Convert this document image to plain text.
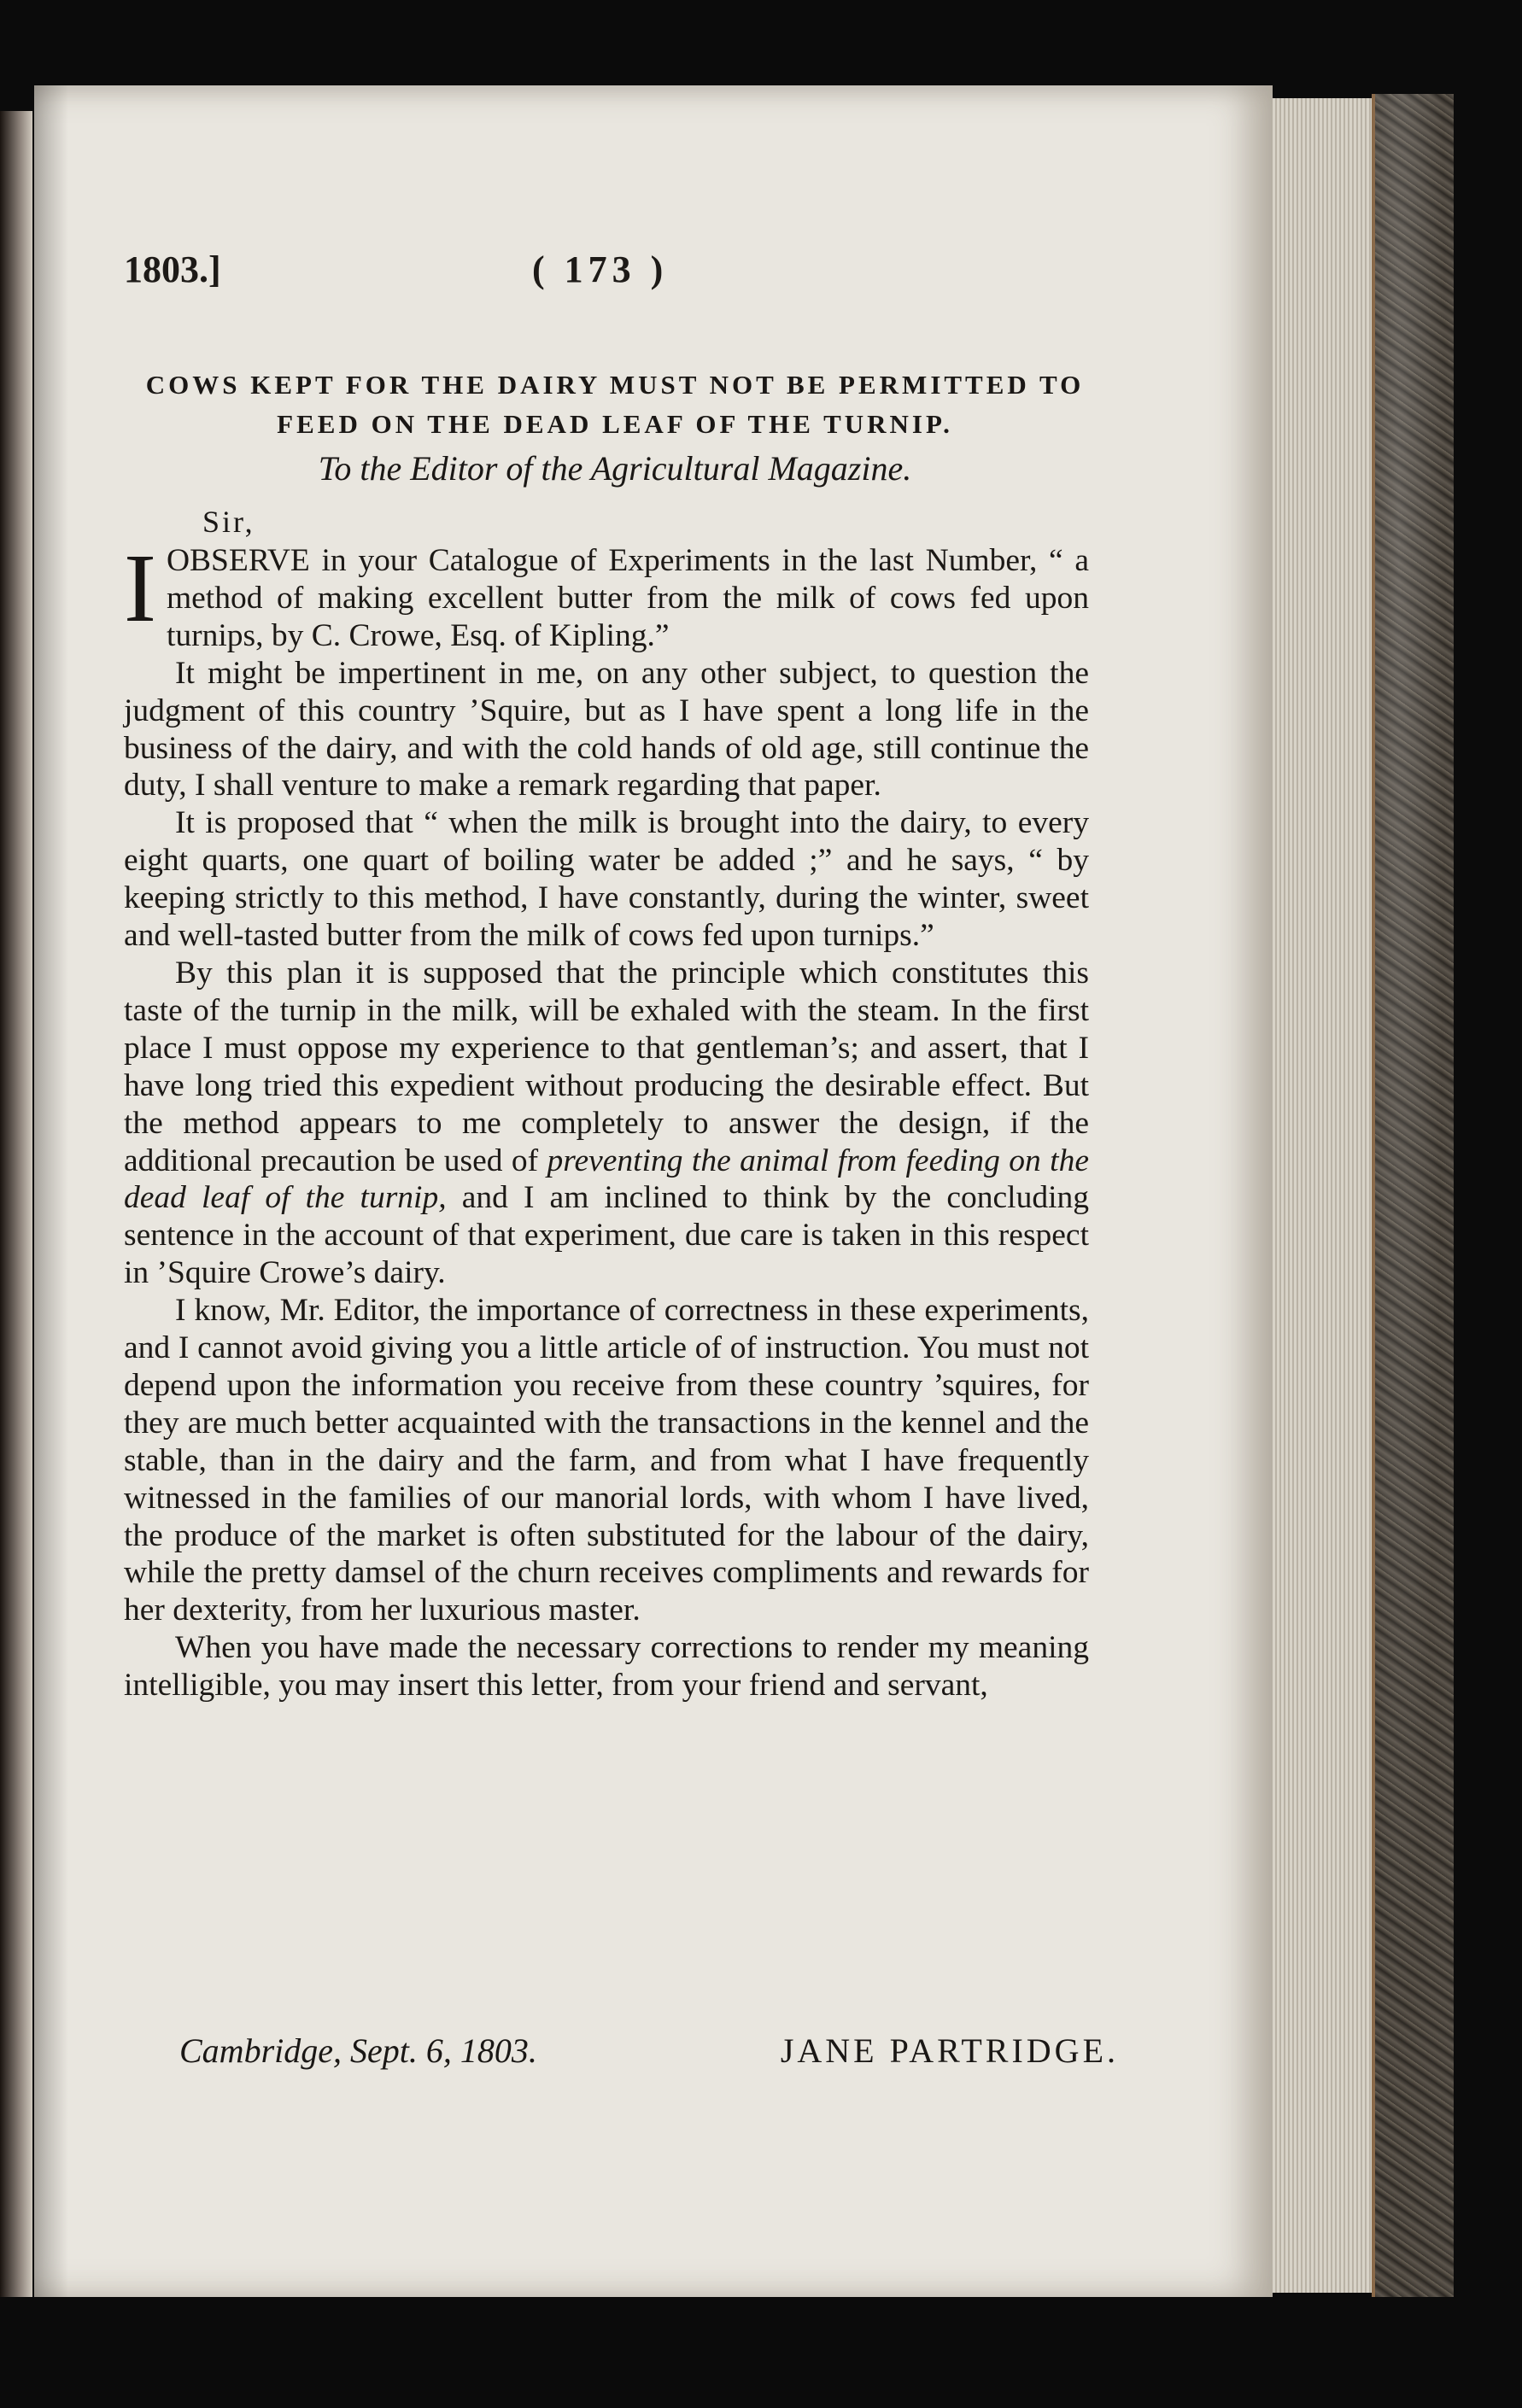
1803.]	( 173 )
COWS KEPT FOR THE DAIRY MUST NOT BE PERMITTED TO
FEED ON THE DEAD LEAF OF THE TURNIP.
To the Editor of the Agricultural Magazine.
Sir,

IOBSERVE in your Catalogue of Experiments in the last Number, “ a method of making excellent butter from the milk of cows fed upon turnips, by C. Crowe, Esq. of Kipling.”

It might be impertinent in me, on any other subject, to question the judgment of this country ’Squire, but as I have spent a long life in the business of the dairy, and with the cold hands of old age, still continue the duty, I shall venture to make a remark regarding that paper.

It is proposed that “ when the milk is brought into the dairy, to every eight quarts, one quart of boiling water be added ;” and he says, “ by keeping strictly to this method, I have constantly, during the winter, sweet and well-tasted butter from the milk of cows fed upon turnips.”

By this plan it is supposed that the principle which constitutes this taste of the turnip in the milk, will be exhaled with the steam. In the first place I must oppose my experience to that gentleman’s; and assert, that I have long tried this expedient without producing the desirable effect. But the method appears to me completely to answer the design, if the additional precaution be used of preventing the animal from feeding on the dead leaf of the turnip, and I am inclined to think by the concluding sentence in the account of that experiment, due care is taken in this respect in ’Squire Crowe’s dairy.

I know, Mr. Editor, the importance of correctness in these experiments, and I cannot avoid giving you a little article of of instruction. You must not depend upon the information you receive from these country ’squires, for they are much better acquainted with the transactions in the kennel and the stable, than in the dairy and the farm, and from what I have frequently witnessed in the families of our manorial lords, with whom I have lived, the produce of the market is often substituted for the labour of the dairy, while the pretty damsel of the churn receives compliments and rewards for her dexterity, from her luxurious master.

When you have made the necessary corrections to render my meaning intelligible, you may insert this letter, from your friend and servant,

Cambridge, Sept. 6, 1803.	JANE PARTRIDGE.
